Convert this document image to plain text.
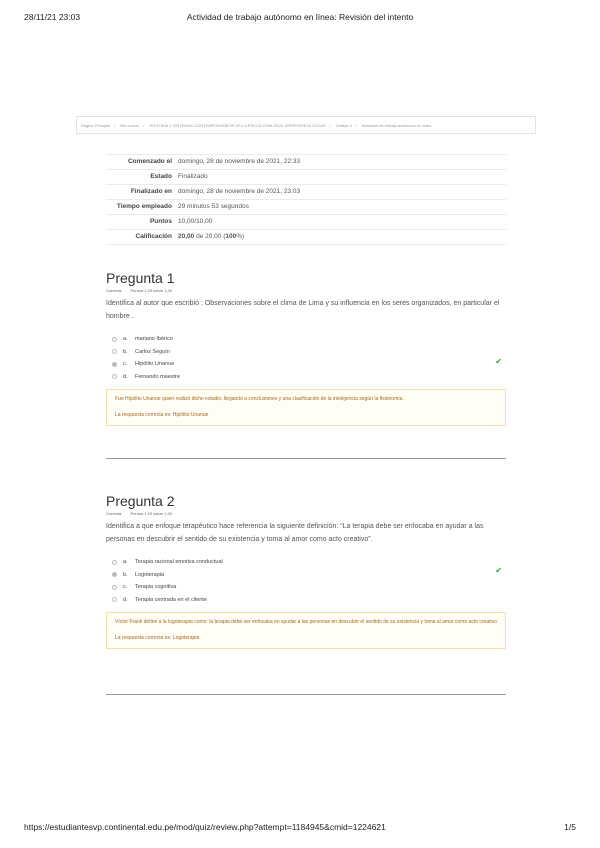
28/11/21 23:03	Actividad de trabajo autónomo en línea: Revisión del intento
Página Principal / Mis cursos / HISTORIA Y SISTEMAS CONTEMPORÁNEOS DE LA PSICOLOGÍA-ISUC-SIPHPHIOE16-202120 / Unidad 4 / Actividad de trabajo autónomo en línea
Comenzado el domingo, 28 de noviembre de 2021, 22:33
Estado Finalizado
Finalizado en domingo, 28 de noviembre de 2021, 23:03
Tiempo empleado 29 minutos 53 segundos
Puntos 10,00/10,00
Calificación 20,00 de 20,00 (100%)
Pregunta 1
Correcta Puntúa 1,00 sobre 1,00
Identifica al autor que escribió : Observaciones sobre el clima de Lima y su influencia en los seres organizados, en particular el hombre .
a.	mariano Ibérico
b.	Carlos Seguín
c.	Hipólito Unanue	✔
d.	Fernando maestre
Fue Hipólito Unanue quien realizó dicho estudio, llegando a conclusiones y una clasificación de la inteligencia según la fisionomía.
La respuesta correcta es: Hipólito Unanue
Pregunta 2
Correcta Puntúa 1,00 sobre 1,00
Identifica a que enfoque terapéutico hace referencia la siguiente definición: “La terapia debe ser enfocaba en ayudar a las personas en descubrir el sentido de su existencia y toma al amor como acto creativo”.
a.	Terapia racional emotiva conductual
b.	Logoterapia	✔
c.	Terapia cognitiva
d.	Terapia centrada en el cliente
Víctor Frank define a la logoterapia como: la terapia debe ser enfocaba en ayudar a las personas en descubrir el sentido de su existencia y toma al amor como acto creativo
La respuesta correcta es: Logoterapia
https://estudiantesvp.continental.edu.pe/mod/quiz/review.php?attempt=1184945&cmid=1224621	1/5
